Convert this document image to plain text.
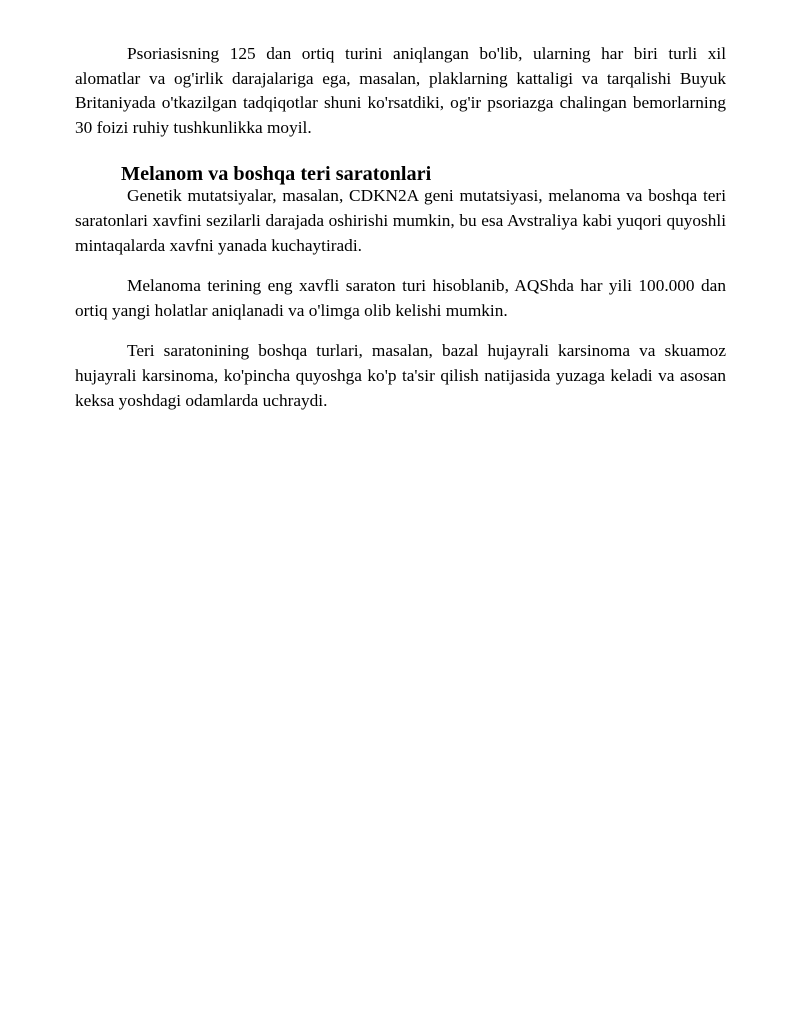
Psoriasisning 125 dan ortiq turini aniqlangan bo'lib, ularning har biri turli xil alomatlar va og'irlik darajalariga ega, masalan, plaklarning kattaligi va tarqalishi Buyuk Britaniyada o'tkazilgan tadqiqotlar shuni ko'rsatdiki, og'ir psoriazga chalingan bemorlarning 30 foizi ruhiy tushkunlikka moyil.

Melanom va boshqa teri saratonlari

Genetik mutatsiyalar, masalan, CDKN2A geni mutatsiyasi, melanoma va boshqa teri saratonlari xavfini sezilarli darajada oshirishi mumkin, bu esa Avstraliya kabi yuqori quyoshli mintaqalarda xavfni yanada kuchaytiradi.

Melanoma terining eng xavfli saraton turi hisoblanib, AQShda har yili 100.000 dan ortiq yangi holatlar aniqlanadi va o'limga olib kelishi mumkin.

Teri saratonining boshqa turlari, masalan, bazal hujayrali karsinoma va skuamoz hujayrali karsinoma, ko'pincha quyoshga ko'p ta'sir qilish natijasida yuzaga keladi va asosan keksa yoshdagi odamlarda uchraydi.
